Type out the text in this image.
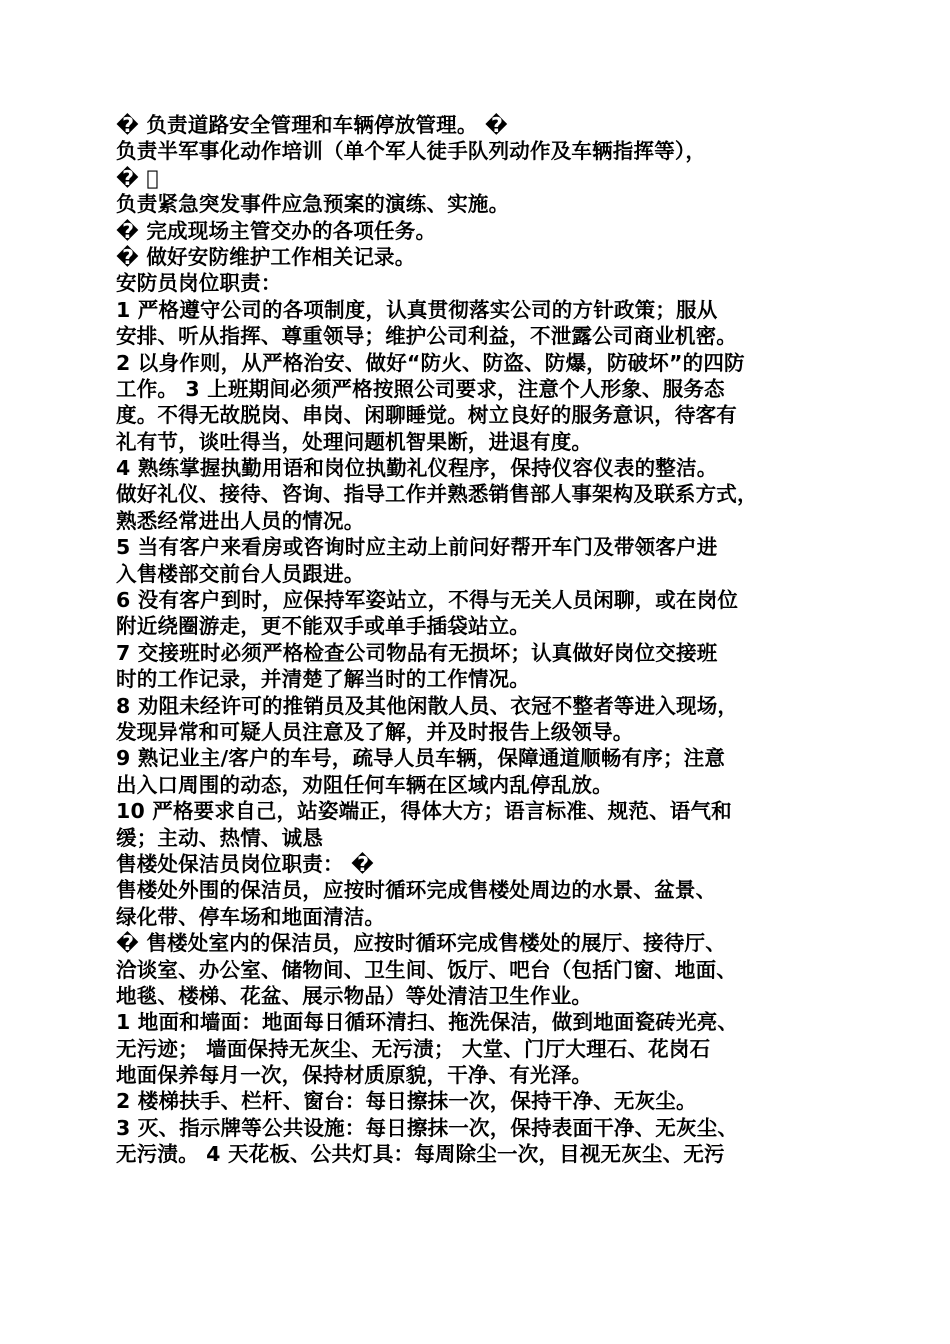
� 负责道路安全管理和车辆停放管理。 �
负责半军事化动作培训（单个军人徒手队列动作及车辆指挥等），
�
负责紧急突发事件应急预案的演练、实施。
� 完成现场主管交办的各项任务。
� 做好安防维护工作相关记录。
安防员岗位职责：
1 严格遵守公司的各项制度，认真贯彻落实公司的方针政策；服从
安排、听从指挥、尊重领导；维护公司利益，不泄露公司商业机密。
2 以身作则，从严格治安、做好“防火、防盗、防爆，防破坏”的四防
工作。 3 上班期间必须严格按照公司要求，注意个人形象、服务态
度。不得无故脱岗、串岗、闲聊睡觉。树立良好的服务意识，待客有
礼有节，谈吐得当，处理问题机智果断，进退有度。
4 熟练掌握执勤用语和岗位执勤礼仪程序，保持仪容仪表的整洁。
做好礼仪、接待、咨询、指导工作并熟悉销售部人事架构及联系方式，
熟悉经常进出人员的情况。
5 当有客户来看房或咨询时应主动上前问好帮开车门及带领客户进
入售楼部交前台人员跟进。
6 没有客户到时，应保持军姿站立，不得与无关人员闲聊，或在岗位
附近绕圈游走，更不能双手或单手插袋站立。
7 交接班时必须严格检查公司物品有无损坏；认真做好岗位交接班
时的工作记录，并清楚了解当时的工作情况。
8 劝阻未经许可的推销员及其他闲散人员、衣冠不整者等进入现场，
发现异常和可疑人员注意及了解，并及时报告上级领导。
9 熟记业主/客户的车号，疏导人员车辆，保障通道顺畅有序；注意
出入口周围的动态，劝阻任何车辆在区域内乱停乱放。
10 严格要求自己，站姿端正，得体大方；语言标准、规范、语气和
缓；主动、热情、诚恳
售楼处保洁员岗位职责： �
售楼处外围的保洁员，应按时循环完成售楼处周边的水景、盆景、
绿化带、停车场和地面清洁。
� 售楼处室内的保洁员，应按时循环完成售楼处的展厅、接待厅、
洽谈室、办公室、储物间、卫生间、饭厅、吧台（包括门窗、地面、
地毯、楼梯、花盆、展示物品）等处清洁卫生作业。
1 地面和墙面：地面每日循环清扫、拖洗保洁，做到地面瓷砖光亮、
无污迹； 墙面保持无灰尘、无污渍； 大堂、门厅大理石、花岗石
地面保养每月一次，保持材质原貌，干净、有光泽。
2 楼梯扶手、栏杆、窗台：每日擦抹一次，保持干净、无灰尘。
3 灭、指示牌等公共设施：每日擦抹一次，保持表面干净、无灰尘、
无污渍。 4 天花板、公共灯具：每周除尘一次，目视无灰尘、无污
